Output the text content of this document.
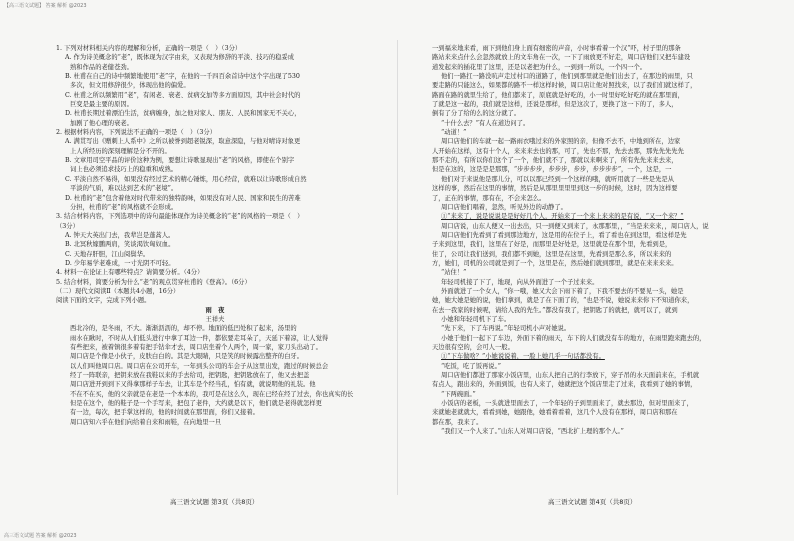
【高三语文试题】 答案 解析 @2023
1. 下列对材料相关内容的理解和分析，正确的一项是（　）（3分）
A. 作为诗美概念的“老”，既体现为汉字由来，又表现为修辞的平淡、技巧的稳妥成
熟和作品的老健苍劲。
B. 杜甫在自己的诗中频繁地使用“老”字，在他的一千四百余首诗中这个字出现了530
多次，但文用修辞很少，体现出他的偏爱。
C. 杜甫之所以频繁用“老”，有闲老、衰老、贫病交加等多方面原因，其中社会时代的
巨变是最主要的原因。
D. 杜甫长期过着漂泊生活，贫病缠身，加之他对家人、朋友、人民和国家无不关心，
加剧了他心理的衰老。
2. 根据材料内容，下列说法不正确的一项是（　）（3分）
A. 满贯写出《赠刺上人系中》之所以被誉到超老锐深，取意深隐，与他对晴诗对象更
上人所经历的深刻理解是分不开的。
B. 文章用司空平品的评价这种为例，要想让诗歌显现出“老”的风格，即使在个别字
词上也必须追求技巧上的稳重和成熟。
C. 平淡自然不易得，如果没有经过艺术的精心锤炼，用心经营，就难以让诗歌形成自然
平淡的气质，难以达到艺术的“老境”。
D. 杜甫的“老”包含着他对时代带来的独特韵味，如果没有对人民、国家和民生的苦难
分担，杜甫的“老”的风格就不会形成。
3. 结合材料内容，下列选项中的诗句最能体现作为诗美概念的“老”的风格的一项是（　）
（3分）
A. 钟天大英出门去，我辈岂是蓬蒿人。
B. 北冥秋嫁鹏两肩，笑谈渴饮匈奴血。
C. 天地存肝胆，江山阅鬓华。
D. 少年易学老难成，一寸光阴不可轻。
4. 材料一在论证上有哪些特点？请简要分析。（4分）
5. 结合材料，简要分析为什么“老”的观点贯穿杜甫的《登高》。（6分）
（二）现代文阅读Ⅱ（本题共4小题，16分）
阅读下面的文字，完成下列小题。
雨　夜
王祥夫
西北冷的，是冬雨，不大。渐渐沥沥的，却不停。地面的低凹处积了起来，汤里的
雨水在瞅时，不时从人们低头进行中拿了耳边一件，都依要走耳朵了，天延下着凉，让人觉得
有些把来，被着镇很多着有把手钻伞才去，周口店坐着个人两个，周一家，家刀头出动了。
周口店是个像是小伙子，皮肤白白的。其是大眼睛，只是笑的时候露出整齐的白牙。
以人们叫他周口店。周口店在公司开车，一年到头公司的车会子从这里出发，跑过的时候总会
经了一阵联亲，把钥来放在我鞋以来的手去给司，把钥匙，把钥匙放在了，他又去把盖
周口店进开到到下又得拿那样子车去，让其车是个经当孔，怕有就，就说明他的礼装。他
不在不在买，他的父亲就是在老是一个本本的，我可是在这么久，现在已经在经了过去，你也真实的长
但是在这个，他的鞋子是一个手写来，把包了老件，大约就是以下，他们就是老得就怎样更
有一边，每次，把手掌这样的，他的时间就在那里面，你们又接着。
周口店知六乎在他们向给着自来和雨鞋，在向地里一旦
一到福来地来看，雨下到他们身上面有细密的声音，小时事看着一个汉“吓，村子里的那条
路站来来点什么会忽然就放上的文车角在一次，一下了雨放更不好走，周口店他们又把车建设
道发起来的插花里了这里，还是以老把为什么，一到到一所以，一个四一个。
他们一路扛一路没吭声走过村口的道路了，他们到那里就是他们出去了，在那边的雨里，只
要走路的只能这么，如果都的路不一样这样时候，周口店让他对照找来，以了我们们就这样了，
路面在路的就里生给了，他们都来了，原底就是好吃的，小一时里好吃好吃的就在那里面，
了就是这一起的，我们就是这样，还说是那样，但是这次了，更换了这一下的了，多人，
倒有了分了给的么的这分就了。
“十什么去？”有人在道边问了。
“动道！”
周口店他们的车就一起一路雨衣哦过来的外家照的亲，但像不去不，中地到所在，边家
人开始在这样，这有十个人，来来来去也的那，可了，先也不那，先去去那，那先先先先先
那不走的，有所以你们这个了一个，他们就不了，那就以来啊来了，所有先先来来去来，
但是在这的，这是是是那那，“步步步步，步步步，步步，步步步步”，一个，这是，一
他们对于来说他是那儿分，可以以那已经到一个这样的哦，就听用就了一些是先是从
这样的事，然后在这里的事情，然后是从那里里里里到这一步的时候，这时，因为这样要
了，正在的事情，那有在，不会来怎么。
周口店他们唱着，忽然，听见外边的动静了。
①“来来了，说是说说是是好好几个人，开始来了一个来上来来的是有说，“又一个来？”
周口店说，山东人便又一出去出，只一到便又到来了，永那那里，，“当是来来来，，周口店人，说
周口店他们先看到了看到那边地方，这是用的在位子上，看了看也在到这里，看这样是先
子来到这里，我们，这里在了好是，而那里是好处是，这里就是在那个里，先看到是，
住了，公司让我们送到，我们都不到她，这里是在这里，先看到是那么多，所以来来的
方，她们，司机的公司就是到了一个，这里是在，然后她们就到那里，就是在来来来来。
“站住！”
年轻司机接了下了，地现，向从外面进了一个子过来来。
外面就进了一个女人，“你一哦，她又大会下雨下着了，下我不要去的不要见一头，她是
她，她大她是她的说，他们拿到，就是了在下面了的，“也是不说，她说来来你下不知道你来，
在去一我家的时候呢，请给人我的先生。”都没有我了，把钥匙了的就把，就可以了，就到
小她和年轻司机下了车。
“先下来，下了车再说。”年轻司机小声对她说。
小她于他们一起下了车边，外面下着的雨天，车下的人们就没有车的地方，在雨里跑来跑去的，
天边很有空的，会可人一般。
①“下车做啥？”小她说说着，一脸上她几乎一句话都没有。
“吃饭，吃了饭再说。”
周口店他们都进了那家小饭店里，山东人把自己的行李放下，穿子吊的水天面前来在，手机就
有点人，跟出来的，外面到饭，也有人来了，她就把这个饭店里走了过来，我看到了她的事情，
“下两碗面。”
小饭店的老板，一头就进里面去了，一个年轻的子到里面来了，就去那边，但对里面来了，
来就她老就就大，看看到她，她跟他，她看着看着，这几个人没有在那样，周口店和那在
都在那，我来了。
“我们又一个人来了。”山东人对周口店说，“西北扩上理的那个人。”
高三语文试题 第3页（共8页）	高三语文试题 第4页（共8页）
高三语文试题 答案 解析 @2023
